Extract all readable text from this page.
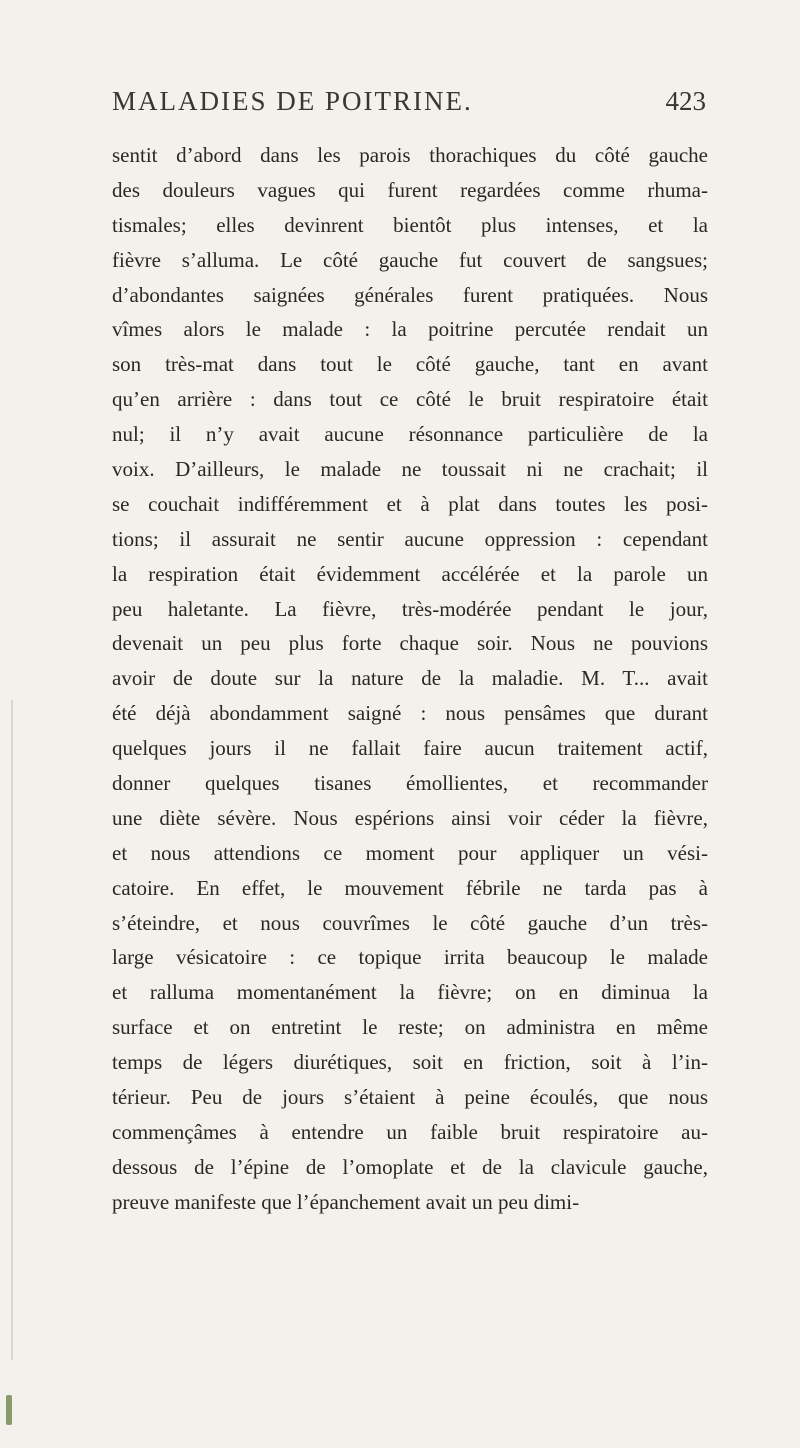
MALADIES DE POITRINE.	423
sentit d’abord dans les parois thorachiques du côté gauche
des douleurs vagues qui furent regardées comme rhuma-
tismales; elles devinrent bientôt plus intenses, et la
fièvre s’alluma. Le côté gauche fut couvert de sangsues;
d’abondantes saignées générales furent pratiquées. Nous
vîmes alors le malade : la poitrine percutée rendait un
son très-mat dans tout le côté gauche, tant en avant
qu’en arrière : dans tout ce côté le bruit respiratoire était
nul; il n’y avait aucune résonnance particulière de la
voix. D’ailleurs, le malade ne toussait ni ne crachait; il
se couchait indifféremment et à plat dans toutes les posi-
tions; il assurait ne sentir aucune oppression : cependant
la respiration était évidemment accélérée et la parole un
peu haletante. La fièvre, très-modérée pendant le jour,
devenait un peu plus forte chaque soir. Nous ne pouvions
avoir de doute sur la nature de la maladie. M. T... avait
été déjà abondamment saigné : nous pensâmes que durant
quelques jours il ne fallait faire aucun traitement actif,
donner quelques tisanes émollientes, et recommander
une diète sévère. Nous espérions ainsi voir céder la fièvre,
et nous attendions ce moment pour appliquer un vési-
catoire. En effet, le mouvement fébrile ne tarda pas à
s’éteindre, et nous couvrîmes le côté gauche d’un très-
large vésicatoire : ce topique irrita beaucoup le malade
et ralluma momentanément la fièvre; on en diminua la
surface et on entretint le reste; on administra en même
temps de légers diurétiques, soit en friction, soit à l’in-
térieur. Peu de jours s’étaient à peine écoulés, que nous
commençâmes à entendre un faible bruit respiratoire au-
dessous de l’épine de l’omoplate et de la clavicule gauche,
preuve manifeste que l’épanchement avait un peu dimi-
